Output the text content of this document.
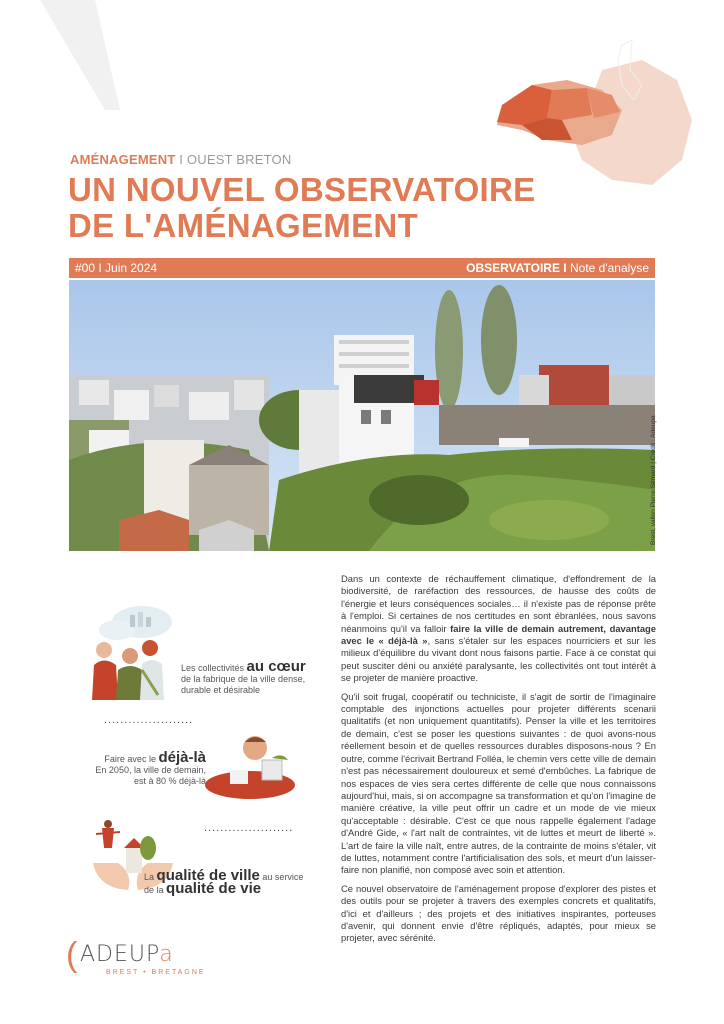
AMÉNAGEMENT I OUEST BRETON
UN NOUVEL OBSERVATOIRE
DE L'AMÉNAGEMENT
#00 I Juin 2024	OBSERVATOIRE I Note d'analyse
Brest, vallon Pierre Sémard | Crédit : Adeupa

Dans un contexte de réchauffement climatique, d'effondrement de la biodiversité, de raréfaction des ressources, de hausse des coûts de l'énergie et leurs conséquences sociales… il n'existe pas de réponse prête à l'emploi. Si certaines de nos certitudes en sont ébranlées, nous savons néanmoins qu'il va falloir faire la ville de demain autrement, davantage avec le « déjà-là », sans s'étaler sur les espaces nourriciers et sur les milieux d'équilibre du vivant dont nous faisons partie. Face à ce constat qui peut susciter déni ou anxiété paralysante, les collectivités ont tout intérêt à se projeter de manière proactive.

Qu'il soit frugal, coopératif ou techniciste, il s'agit de sortir de l'imaginaire comptable des injonctions actuelles pour projeter différents scenarii qualitatifs (et non uniquement quantitatifs). Penser la ville et les territoires de demain, c'est se poser les questions suivantes : de quoi avons-nous réellement besoin et de quelles ressources durables disposons-nous ? En outre, comme l'écrivait Bertrand Folléa, le chemin vers cette ville de demain n'est pas nécessairement douloureux et semé d'embûches. La fabrique de nos espaces de vies sera certes différente de celle que nous connaissons aujourd'hui, mais, si on accompagne sa transformation et qu'on l'imagine de manière créative, la ville peut offrir un cadre et un mode de vie mieux qu'acceptable : désirable. C'est ce que nous rappelle également l'adage d'André Gide, « l'art naît de contraintes, vit de luttes et meurt de liberté ». L'art de faire la ville naît, entre autres, de la contrainte de moins s'étaler, vit de luttes, notamment contre l'artificialisation des sols, et meurt d'un laisser-faire non planifié, non composé avec soin et attention.

Ce nouvel observatoire de l'aménagement propose d'explorer des pistes et des outils pour se projeter à travers des exemples concrets et qualitatifs, d'ici et d'ailleurs ; des projets et des initiatives inspirantes, porteuses d'avenir, qui donnent envie d'être répliqués, adaptés, pour mieux se projeter, avec sérénité.

Les collectivités au cœur
de la fabrique de la ville dense,
durable et désirable
......................
Faire avec le déjà-là
En 2050, la ville de demain,
est à 80 % déjà-là
......................
La qualité de ville au service
de la qualité de vie
( ADEUPa
BREST • BRETAGNE
